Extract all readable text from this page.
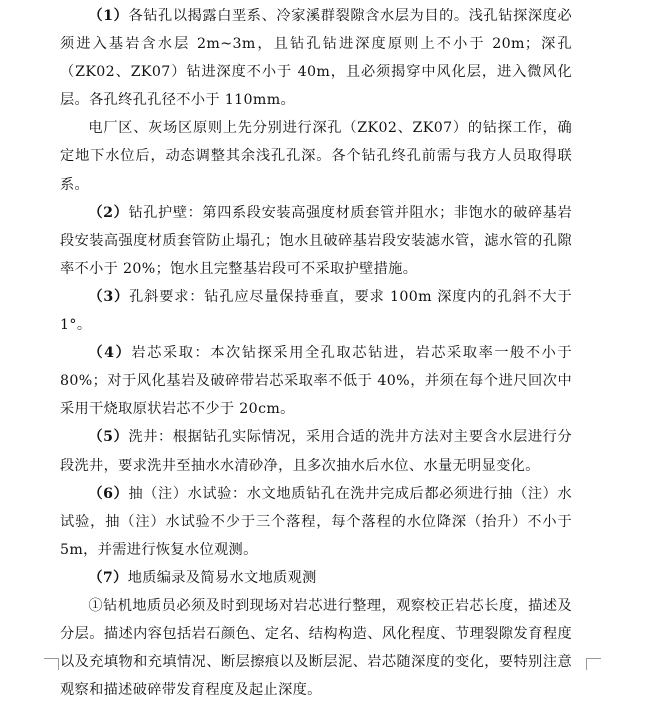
（1）各钻孔以揭露白垩系、冷家溪群裂隙含水层为目的。浅孔钻探深度必须进入基岩含水层 2m~3m，且钻孔钻进深度原则上不小于 20m；深孔（ZK02、ZK07）钻进深度不小于 40m，且必须揭穿中风化层，进入微风化层。各孔终孔孔径不小于 110mm。

电厂区、灰场区原则上先分别进行深孔（ZK02、ZK07）的钻探工作，确定地下水位后，动态调整其余浅孔孔深。各个钻孔终孔前需与我方人员取得联系。

（2）钻孔护壁：第四系段安装高强度材质套管并阻水；非饱水的破碎基岩段安装高强度材质套管防止塌孔；饱水且破碎基岩段安装滤水管，滤水管的孔隙率不小于 20%；饱水且完整基岩段可不采取护壁措施。

（3）孔斜要求：钻孔应尽量保持垂直，要求 100m 深度内的孔斜不大于 1°。

（4）岩芯采取：本次钻探采用全孔取芯钻进，岩芯采取率一般不小于 80%；对于风化基岩及破碎带岩芯采取率不低于 40%，并须在每个进尺回次中采用干烧取原状岩芯不少于 20cm。

（5）洗井：根据钻孔实际情况，采用合适的洗井方法对主要含水层进行分段洗井，要求洗井至抽水水清砂净，且多次抽水后水位、水量无明显变化。

（6）抽（注）水试验：水文地质钻孔在洗井完成后都必须进行抽（注）水试验，抽（注）水试验不少于三个落程，每个落程的水位降深（抬升）不小于 5m，并需进行恢复水位观测。

（7）地质编录及简易水文地质观测

①钻机地质员必须及时到现场对岩芯进行整理，观察校正岩芯长度，描述及分层。描述内容包括岩石颜色、定名、结构构造、风化程度、节理裂隙发育程度以及充填物和充填情况、断层擦痕以及断层泥、岩芯随深度的变化，要特别注意观察和描述破碎带发育程度及起止深度。
